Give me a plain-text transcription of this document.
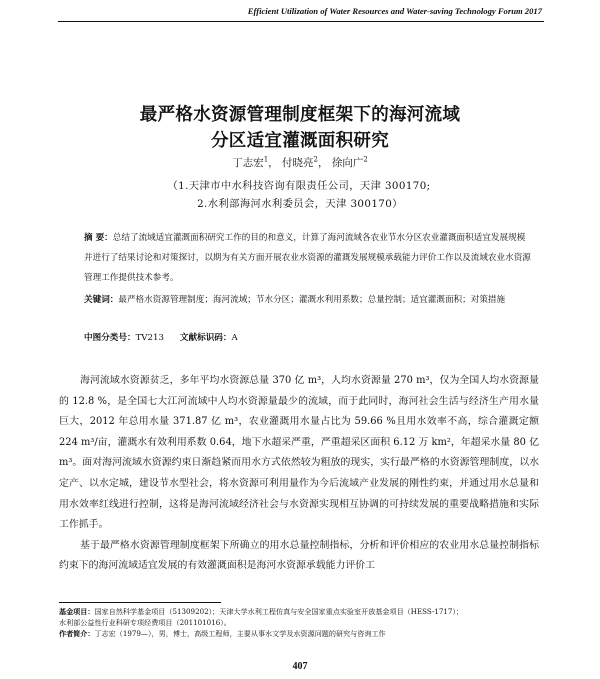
Efficient Utilization of Water Resources and Water-saving Technology Forum 2017
最严格水资源管理制度框架下的海河流域
分区适宜灌溉面积研究
丁志宏$^1$， 付晓亮$^2$， 徐向广$^2$
（1.天津市中水科技咨询有限责任公司，天津 300170;
2.水利部海河水利委员会，天津 300170）
摘 要：总结了流域适宜灌溉面积研究工作的目的和意义，计算了海河流域各农业节水分区农业灌溉面积适宜发展规模并进行了结果讨论和对策探讨，以期为有关方面开展农业水资源的灌溉发展规模承载能力评价工作以及流域农业水资源管理工作提供技术参考。
关键词：最严格水资源管理制度；海河流域；节水分区；灌溉水利用系数；总量控制；适宜灌溉面积；对策措施
中图分类号：TV213 文献标识码：A

海河流域水资源贫乏，多年平均水资源总量 370 亿 m³，人均水资源量 270 m³，仅为全国人均水资源量的 12.8 %，是全国七大江河流域中人均水资源量最少的流域，而于此同时，海河社会生活与经济生产用水量巨大，2012 年总用水量 371.87 亿 m³，农业灌溉用水量占比为 59.66 %且用水效率不高，综合灌溉定额 224 m³/亩，灌溉水有效利用系数 0.64，地下水超采严重，严重超采区面积 6.12 万 km²，年超采水量 80 亿 m³。面对海河流域水资源约束日渐趋紧而用水方式依然较为粗放的现实，实行最严格的水资源管理制度，以水定产、以水定城，建设节水型社会，将水资源可利用量作为今后流域产业发展的刚性约束，并通过用水总量和用水效率红线进行控制，这将是海河流域经济社会与水资源实现相互协调的可持续发展的重要战略措施和实际工作抓手。

基于最严格水资源管理制度框架下所确立的用水总量控制指标，分析和评价相应的农业用水总量控制指标约束下的海河流域适宜发展的有效灌溉面积是海河水资源承载能力评价工

基金项目：国家自然科学基金项目（51309202）；天津大学水利工程仿真与安全国家重点实验室开放基金项目（HESS-1717）；
水利部公益性行业科研专项经费项目（201101016）。
作者简介：丁志宏（1979—），男，博士，高级工程师，主要从事水文学及水资源问题的研究与咨询工作
407
